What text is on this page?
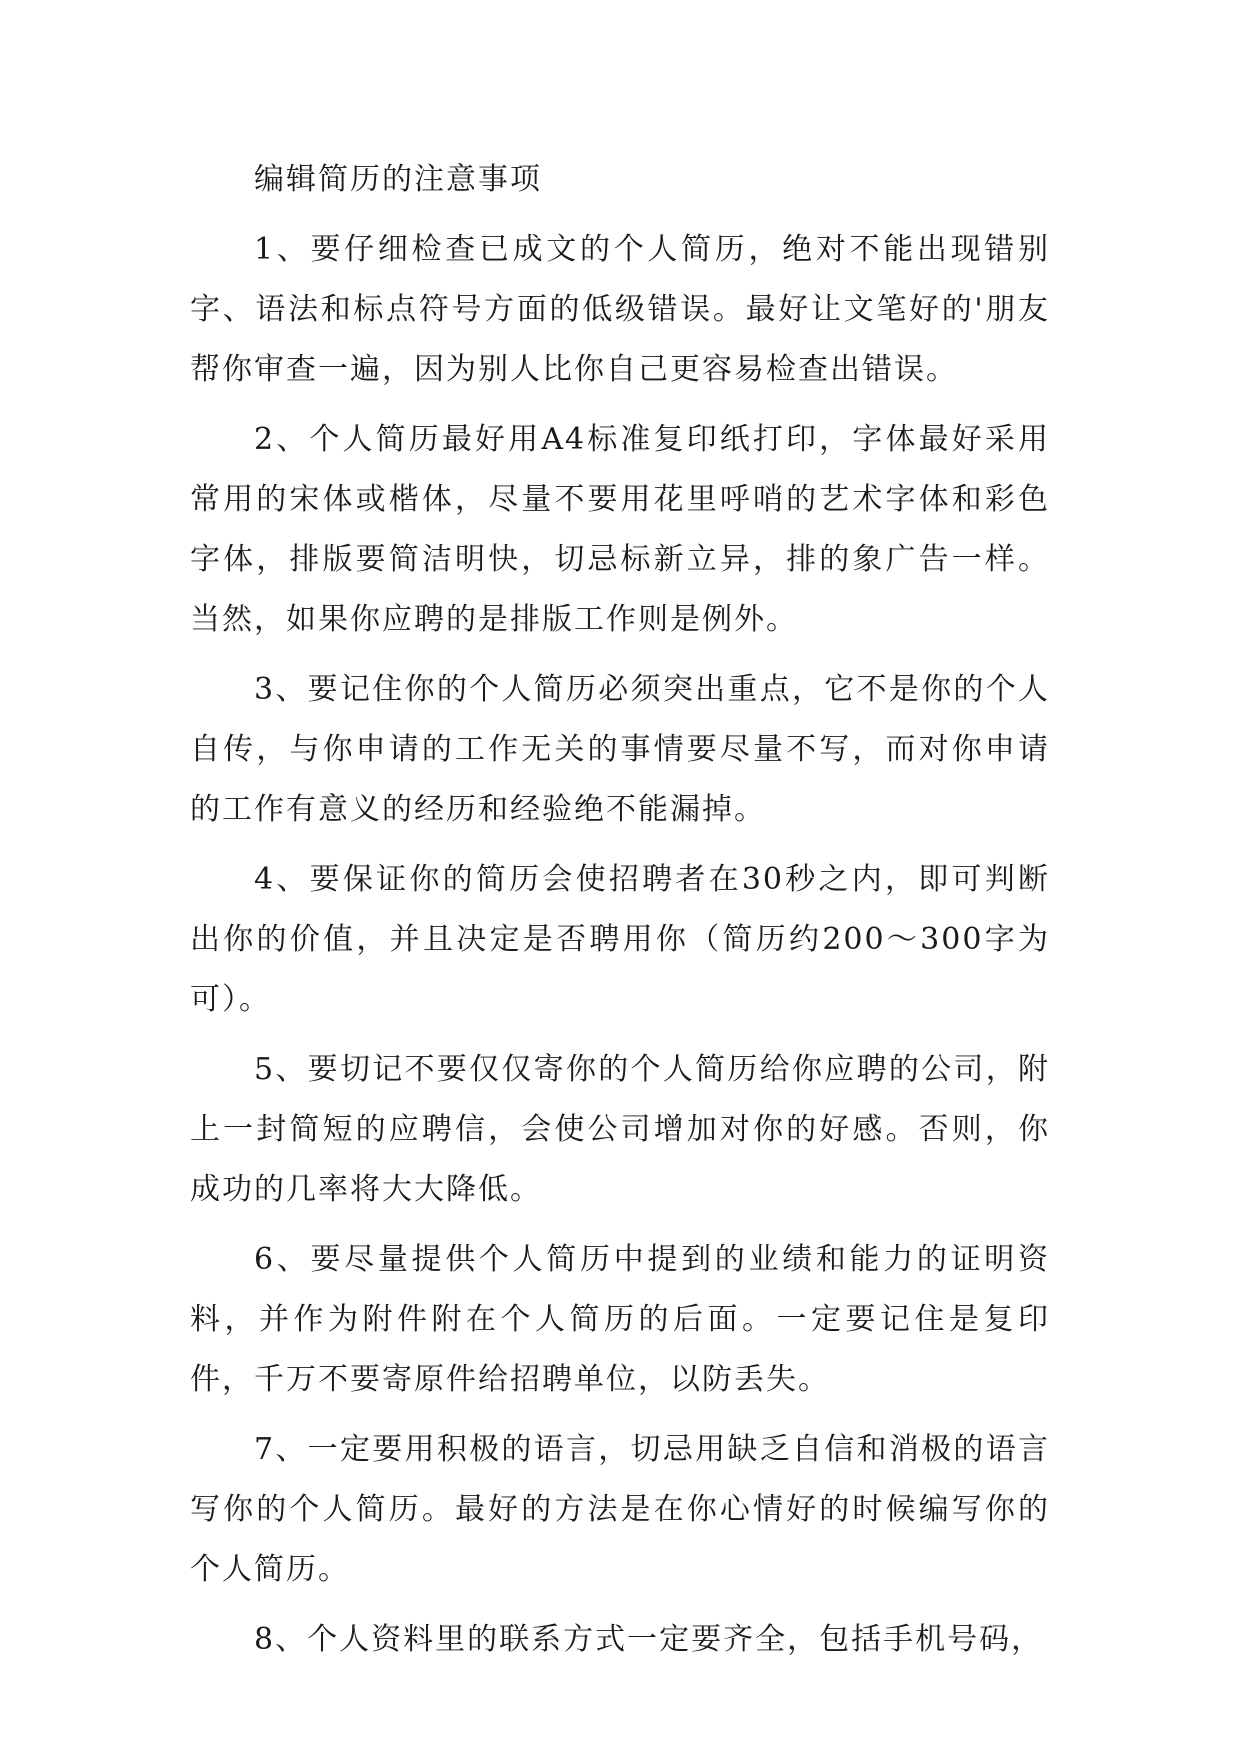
编辑简历的注意事项

1、要仔细检查已成文的个人简历，绝对不能出现错别字、语法和标点符号方面的低级错误。最好让文笔好的'朋友帮你审查一遍，因为别人比你自己更容易检查出错误。

2、个人简历最好用A4标准复印纸打印，字体最好采用常用的宋体或楷体，尽量不要用花里呼哨的艺术字体和彩色字体，排版要简洁明快，切忌标新立异，排的象广告一样。当然，如果你应聘的是排版工作则是例外。

3、要记住你的个人简历必须突出重点，它不是你的个人自传，与你申请的工作无关的事情要尽量不写，而对你申请的工作有意义的经历和经验绝不能漏掉。

4、要保证你的简历会使招聘者在30秒之内，即可判断出你的价值，并且决定是否聘用你（简历约200～300字为可）。

5、要切记不要仅仅寄你的个人简历给你应聘的公司，附上一封简短的应聘信，会使公司增加对你的好感。否则，你成功的几率将大大降低。

6、要尽量提供个人简历中提到的业绩和能力的证明资料，并作为附件附在个人简历的后面。一定要记住是复印件，千万不要寄原件给招聘单位，以防丢失。

7、一定要用积极的语言，切忌用缺乏自信和消极的语言写你的个人简历。最好的方法是在你心情好的时候编写你的个人简历。

8、个人资料里的联系方式一定要齐全，包括手机号码，
